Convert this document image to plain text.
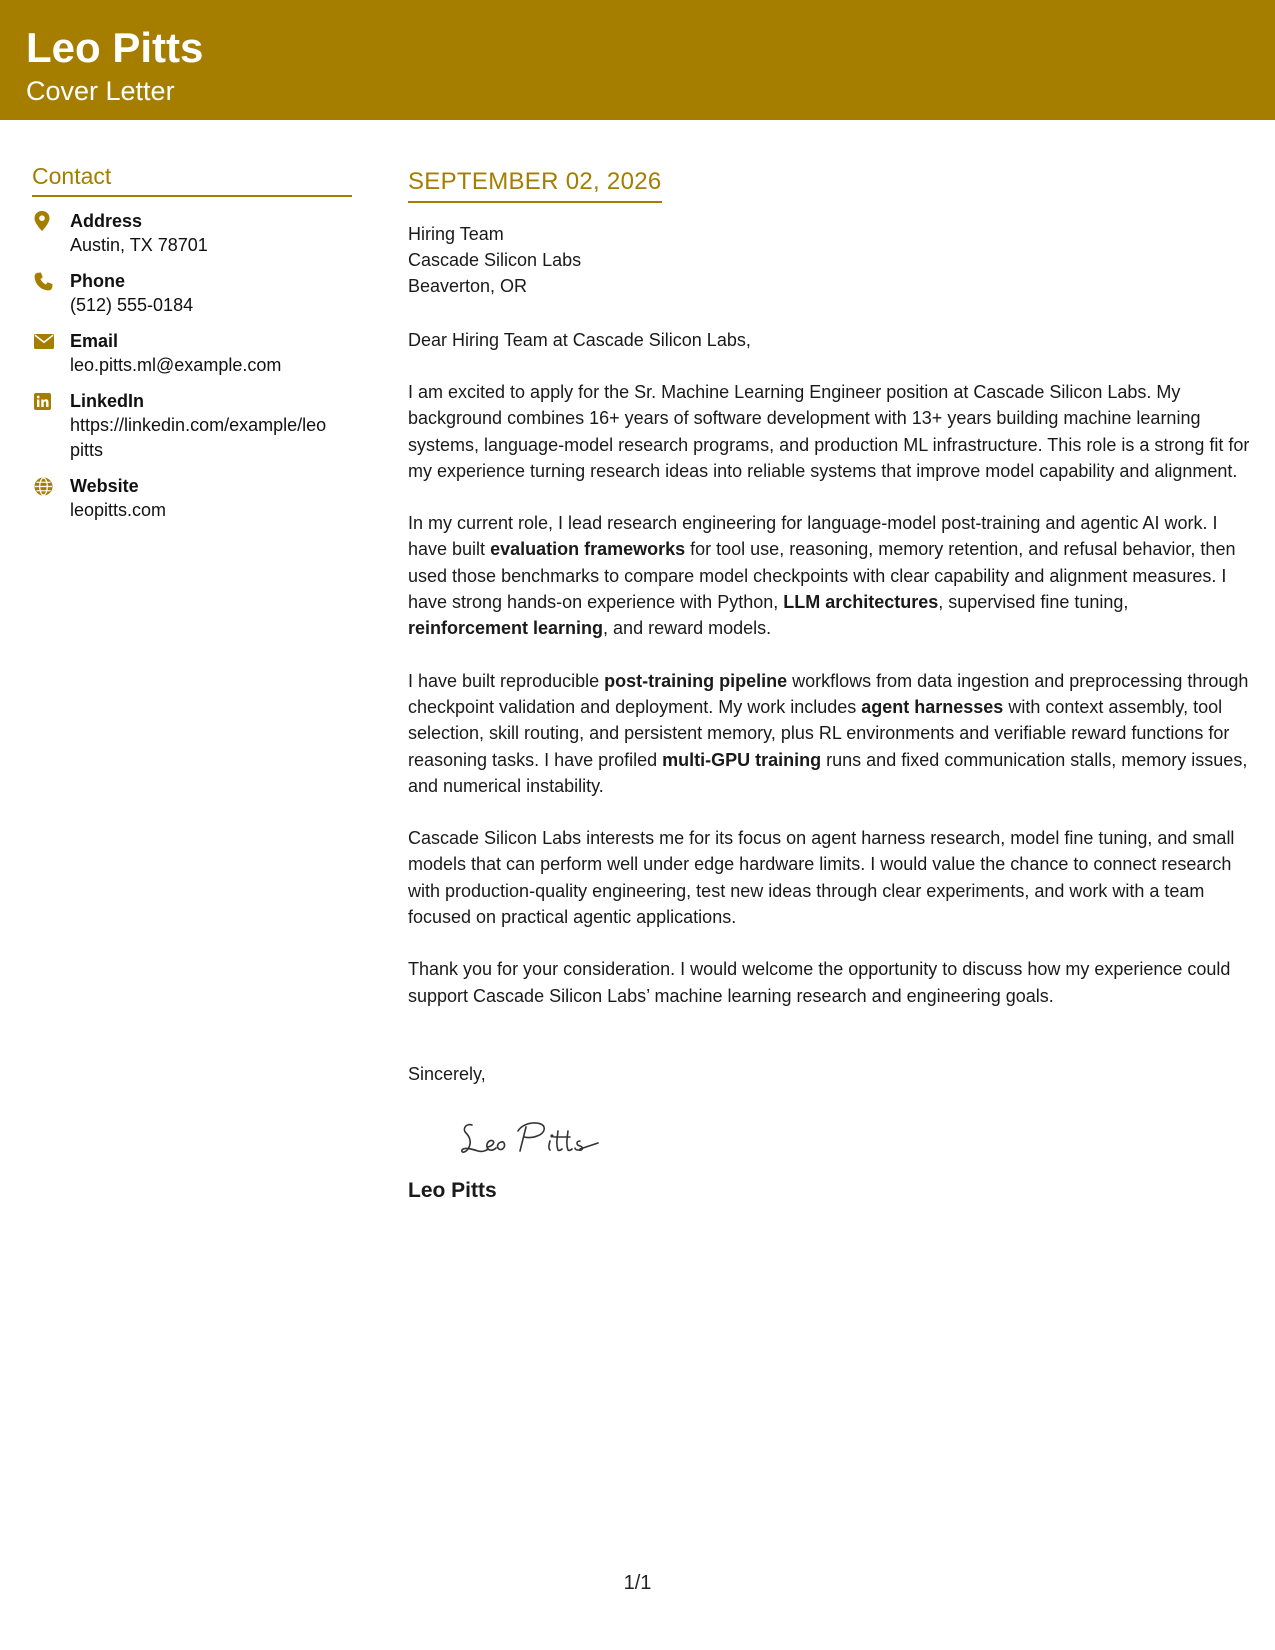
Leo Pitts
Cover Letter
Contact
Address
Austin, TX 78701
Phone
(512) 555-0184
Email
leo.pitts.ml@example.com
LinkedIn
https://linkedin.com/example/leo
pitts
Website
leopitts.com
SEPTEMBER 02, 2026
Hiring Team
Cascade Silicon Labs
Beaverton, OR
Dear Hiring Team at Cascade Silicon Labs,

I am excited to apply for the Sr. Machine Learning Engineer position at Cascade Silicon Labs. My background combines 16+ years of software development with 13+ years building machine learning systems, language-model research programs, and production ML infrastructure. This role is a strong fit for my experience turning research ideas into reliable systems that improve model capability and alignment.

In my current role, I lead research engineering for language-model post-training and agentic AI work. I have built evaluation frameworks for tool use, reasoning, memory retention, and refusal behavior, then used those benchmarks to compare model checkpoints with clear capability and alignment measures. I have strong hands-on experience with Python, LLM architectures, supervised fine tuning, reinforcement learning, and reward models.

I have built reproducible post-training pipeline workflows from data ingestion and preprocessing through checkpoint validation and deployment. My work includes agent harnesses with context assembly, tool selection, skill routing, and persistent memory, plus RL environments and verifiable reward functions for reasoning tasks. I have profiled multi-GPU training runs and fixed communication stalls, memory issues, and numerical instability.

Cascade Silicon Labs interests me for its focus on agent harness research, model fine tuning, and small models that can perform well under edge hardware limits. I would value the chance to connect research with production-quality engineering, test new ideas through clear experiments, and work with a team focused on practical agentic applications.

Thank you for your consideration. I would welcome the opportunity to discuss how my experience could support Cascade Silicon Labs’ machine learning research and engineering goals.

Sincerely,
Leo Pitts
1/1
